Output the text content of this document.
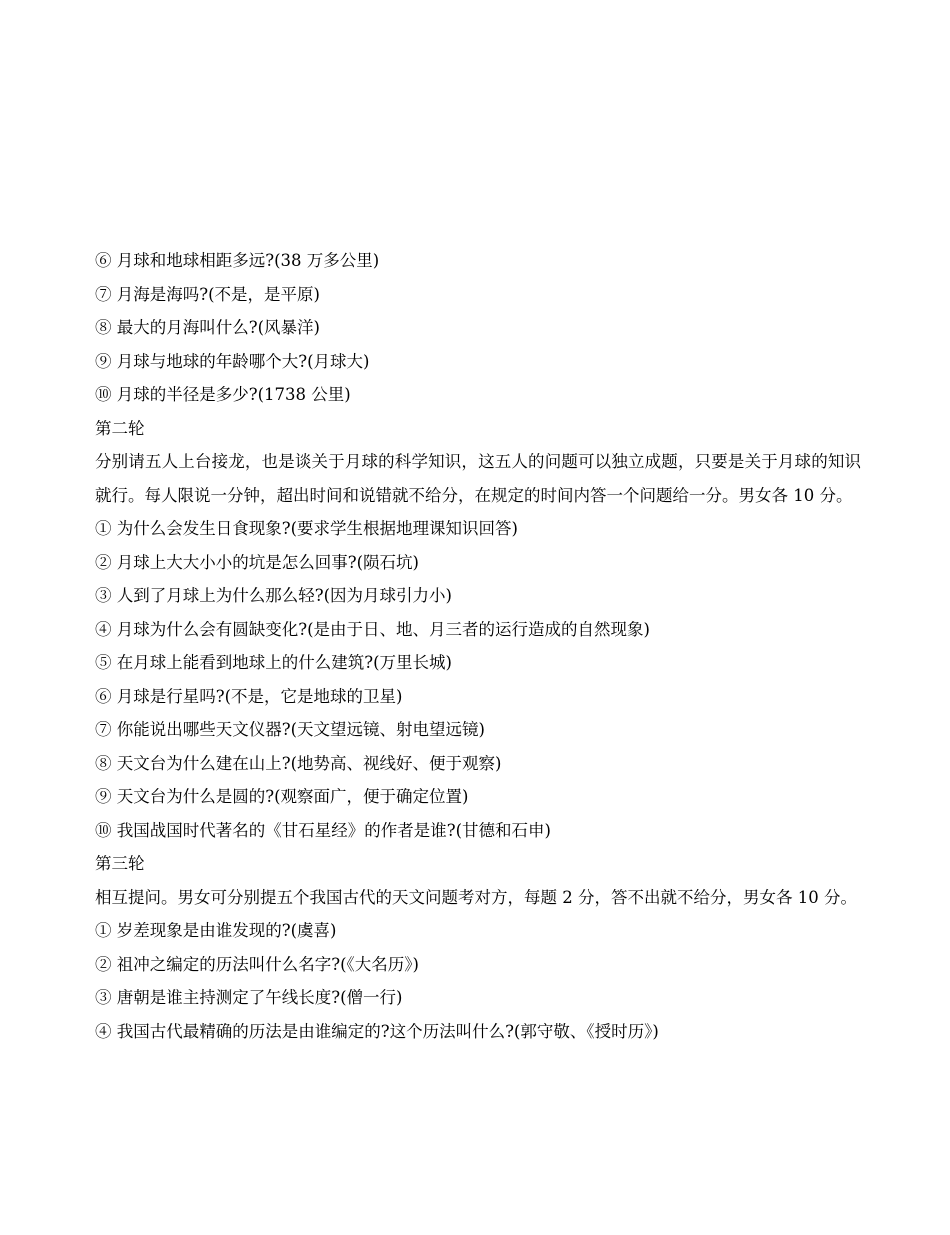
⑥ 月球和地球相距多远?(38 万多公里)
⑦ 月海是海吗?(不是，是平原)
⑧ 最大的月海叫什么?(风暴洋)
⑨ 月球与地球的年龄哪个大?(月球大)
⑩ 月球的半径是多少?(1738 公里)
第二轮
分别请五人上台接龙，也是谈关于月球的科学知识，这五人的问题可以独立成题，只要是关于月球的知识就行。每人限说一分钟，超出时间和说错就不给分，在规定的时间内答一个问题给一分。男女各 10 分。
① 为什么会发生日食现象?(要求学生根据地理课知识回答)
② 月球上大大小小的坑是怎么回事?(陨石坑)
③ 人到了月球上为什么那么轻?(因为月球引力小)
④ 月球为什么会有圆缺变化?(是由于日、地、月三者的运行造成的自然现象)
⑤ 在月球上能看到地球上的什么建筑?(万里长城)
⑥ 月球是行星吗?(不是，它是地球的卫星)
⑦ 你能说出哪些天文仪器?(天文望远镜、射电望远镜)
⑧ 天文台为什么建在山上?(地势高、视线好、便于观察)
⑨ 天文台为什么是圆的?(观察面广，便于确定位置)
⑩ 我国战国时代著名的《甘石星经》的作者是谁?(甘德和石申)
第三轮
相互提问。男女可分别提五个我国古代的天文问题考对方，每题 2 分，答不出就不给分，男女各 10 分。
① 岁差现象是由谁发现的?(虞喜)
② 祖冲之编定的历法叫什么名字?(《大名历》)
③ 唐朝是谁主持测定了午线长度?(僧一行)
④ 我国古代最精确的历法是由谁编定的?这个历法叫什么?(郭守敬、《授时历》)
